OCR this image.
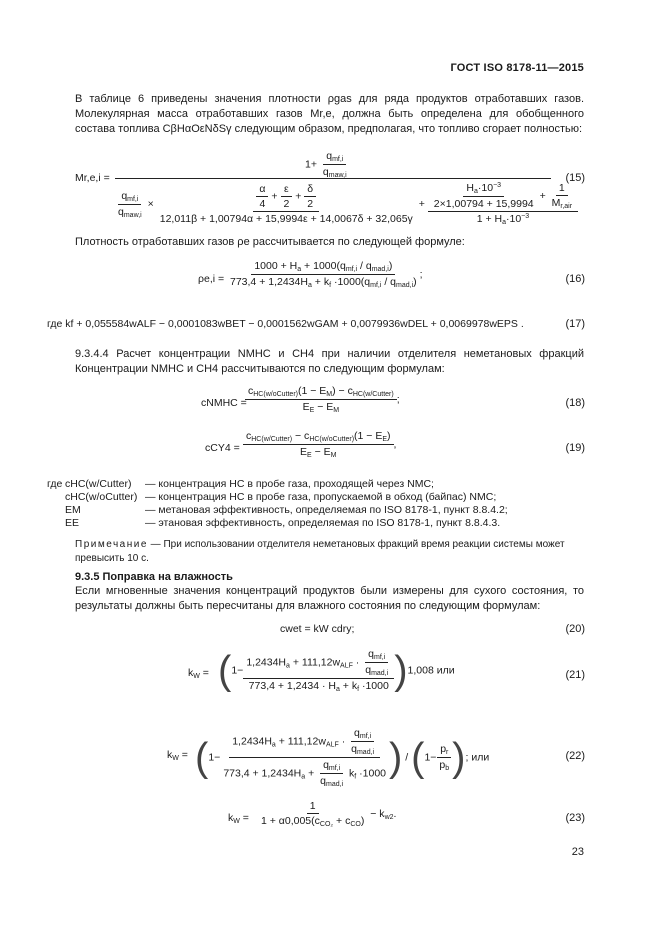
ГОСТ ISO 8178-11—2015
В таблице 6 приведены значения плотности ρgas для ряда продуктов отработавших газов. Молекулярная масса отработавших газов Mr,e, должна быть определена для обобщенного состава топлива CβHαOεNδSγ следующим образом, предполагая, что топливо сгорает полностью:
Mr,e,i =
$1+ \frac{q_{mf,i}}{q_{maw,i}}$
$\frac{q_{mf,i}}{q_{maw,i}} \times \frac{\frac{\alpha}{4} + \frac{\varepsilon}{2} + \frac{\delta}{2}}{12,011\beta + 1,00794\alpha + 15,9994\varepsilon + 14,0067\delta + 32,065\gamma} + \frac{\frac{H_a\cdot 10^{-3}}{2\times 1,00794 + 15,9994} + \frac{1}{M_{r,air}}}{1 + H_a\cdot 10^{-3}}$
(15)
Плотность отработавших газов ρe рассчитывается по следующей формуле:
$\rho e,i = \frac{1000 + H_a + 1000(q_{mf,i} / q_{mad,i})}{773,4 + 1,2434H_a + k_f \cdot 1000(q_{mf,i} / q_{mad,i})}$ ;	(16)
где kf + 0,055584wALF − 0,0001083wBET − 0,0001562wGAM + 0,0079936wDEL + 0,0069978wEPS .	(17)
9.3.4.4 Расчет концентрации NMHC и CH4 при наличии отделителя неметановых фракций Концентрации NMHC и CH4 рассчитываются по следующим формулам:
cNMHC =
$\frac{c_{HC(w/oCutter)}(1 - E_M) - c_{HC(w/Cutter)}}{E_E - E_M}$ ;	(18)
$cCY4 = \frac{c_{HC(w/Cutter)} - c_{HC(w/oCutter)}(1 - E_E)}{E_E - E_M}$ ,	(19)
где cHC(w/Cutter) — концентрация НС в пробе газа, проходящей через NMC;
cHC(w/oCutter) — концентрация НС в пробе газа, пропускаемой в обход (байпас) NMC;
EM	— метановая эффективность, определяемая по ISO 8178-1, пункт 8.8.4.2;
EE	— этановая эффективность, определяемая по ISO 8178-1, пункт 8.8.4.3.
Примечание — При использовании отделителя неметановых фракций время реакции системы может превысить 10 с.
9.3.5 Поправка на влажность
Если мгновенные значения концентраций продуктов были измерены для сухого состояния, то результаты должны быть пересчитаны для влажного состояния по следующим формулам:
cwet = kW cdry;	(20)
$k_W = (1- \frac{1,2434H_a + 111,12w_{ALF} \cdot \frac{q_{mf,i}}{q_{mad,i}}}{773,4 + 1,2434 \cdot H_a + k_f \cdot 1000} )1,008$ или	(21)
$k_W = (1- \frac{1,2434H_a + 111,12w_{ALF} \cdot \frac{q_{mf,i}}{q_{mad,i}}}{773,4 + 1,2434H_a + \frac{q_{mf,i}}{q_{mad,i}} k_f \cdot 1000}$ ) / ($1- \frac{p_r}{p_b}$ ); или	(22)
$k_W = \frac{1}{1 + \alpha 0,005(c_{CO_2} + c_{CO})} - k_{w2}$.	(23)
23
